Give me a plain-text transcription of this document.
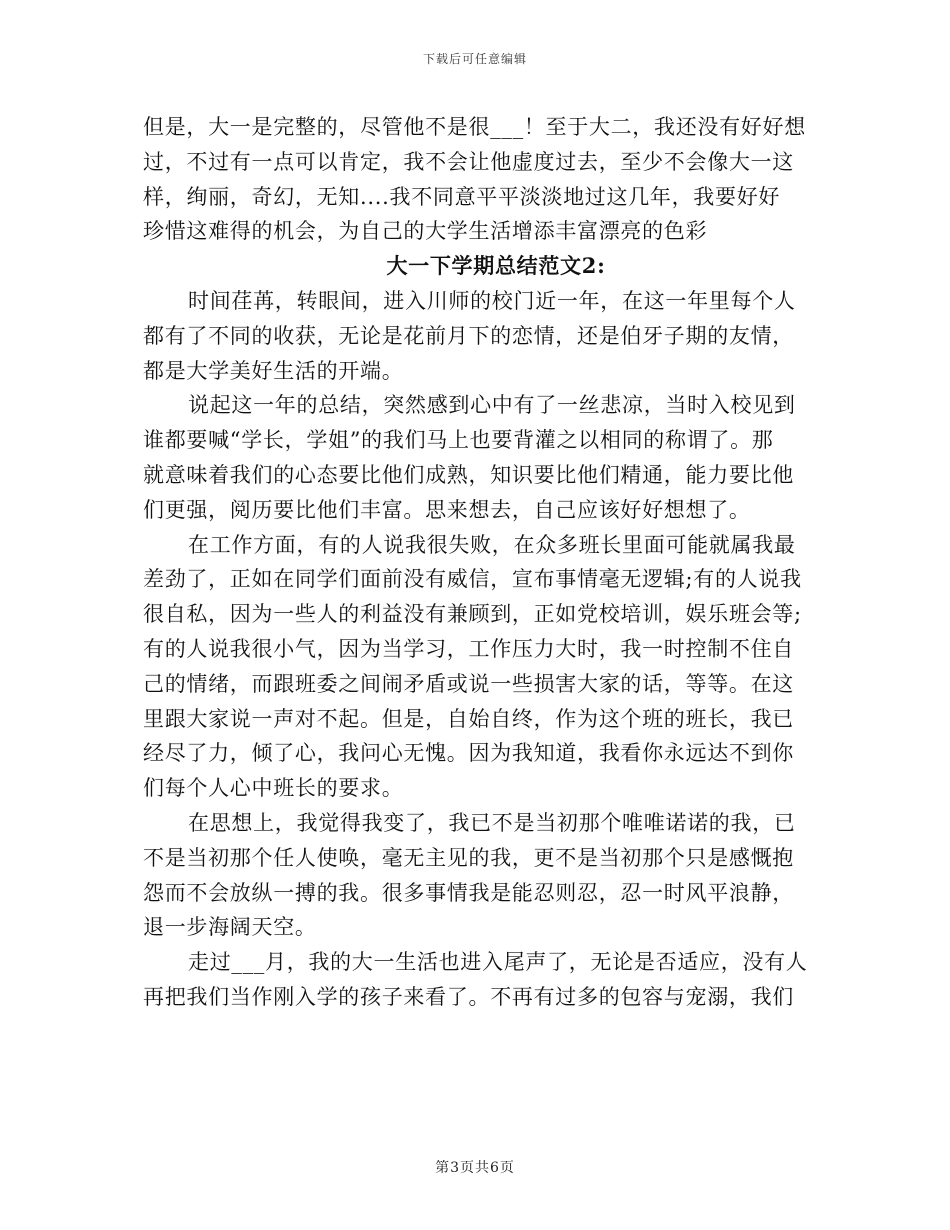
下载后可任意编辑
但是，大一是完整的，尽管他不是很___！至于大二，我还没有好好想
过，不过有一点可以肯定，我不会让他虚度过去，至少不会像大一这
样，绚丽，奇幻，无知....我不同意平平淡淡地过这几年，我要好好
珍惜这难得的机会，为自己的大学生活增添丰富漂亮的色彩
大一下学期总结范文2:
时间荏苒，转眼间，进入川师的校门近一年，在这一年里每个人
都有了不同的收获，无论是花前月下的恋情，还是伯牙子期的友情，
都是大学美好生活的开端。
说起这一年的总结，突然感到心中有了一丝悲凉，当时入校见到
谁都要喊“学长，学姐”的我们马上也要背灌之以相同的称谓了。那
就意味着我们的心态要比他们成熟，知识要比他们精通，能力要比他
们更强，阅历要比他们丰富。思来想去，自己应该好好想想了。
在工作方面，有的人说我很失败，在众多班长里面可能就属我最
差劲了，正如在同学们面前没有威信，宣布事情毫无逻辑;有的人说我
很自私，因为一些人的利益没有兼顾到，正如党校培训，娱乐班会等;
有的人说我很小气，因为当学习，工作压力大时，我一时控制不住自
己的情绪，而跟班委之间闹矛盾或说一些损害大家的话，等等。在这
里跟大家说一声对不起。但是，自始自终，作为这个班的班长，我已
经尽了力，倾了心，我问心无愧。因为我知道，我看你永远达不到你
们每个人心中班长的要求。
在思想上，我觉得我变了，我已不是当初那个唯唯诺诺的我，已
不是当初那个任人使唤，毫无主见的我，更不是当初那个只是感慨抱
怨而不会放纵一搏的我。很多事情我是能忍则忍，忍一时风平浪静，
退一步海阔天空。
走过___月，我的大一生活也进入尾声了，无论是否适应，没有人
再把我们当作刚入学的孩子来看了。不再有过多的包容与宠溺，我们
第3页共6页
